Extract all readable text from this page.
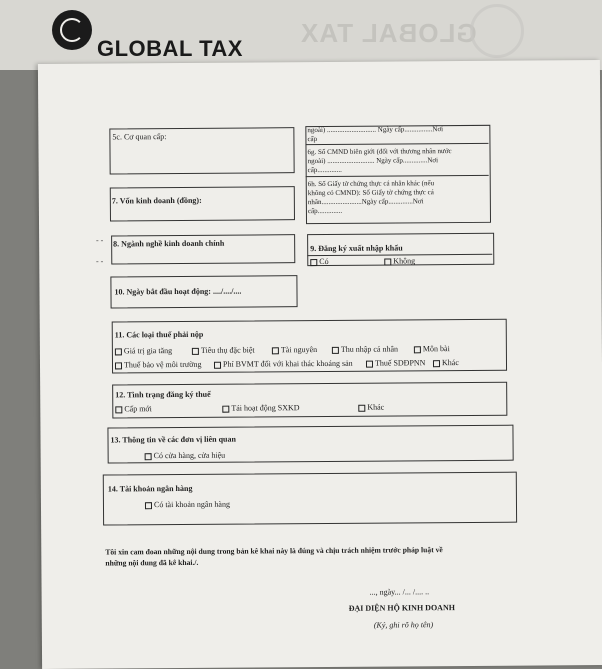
GLOBAL TAX
GLOBAL TAX
5c. Cơ quan cấp:
ngoài) ............................ Ngày cấp................Nơi
cấp
6g. Số CMND biên giới (đối với thương nhân nước
ngoài) ........................... Ngày cấp..............Nơi
cấp..............
6h. Số Giấy tờ chứng thực cá nhân khác (nếu
không có CMND): Số Giấy tờ chứng thực cá
nhân.......................Ngày cấp..............Nơi
cấp..............
7. Vốn kinh doanh (đồng):
8. Ngành nghề kinh doanh chính	9. Đăng ký xuất nhập khẩu
Có	Không
10. Ngày bắt đầu hoạt động: ..../..../....
11. Các loại thuế phải nộp
Giá trị gia tăng	Tiêu thụ đặc biệt	Tài nguyên	Thu nhập cá nhân	Môn bài
Thuế bảo vệ môi trường	Phí BVMT đối với khai thác khoáng sản	Thuế SDĐPNN	Khác
12. Tình trạng đăng ký thuế
Cấp mới	Tái hoạt động SXKD	Khác
13. Thông tin về các đơn vị liên quan
Có cửa hàng, cửa hiệu
14. Tài khoản ngân hàng
Có tài khoản ngân hàng
Tôi xin cam đoan những nội dung trong bản kê khai này là đúng và chịu trách nhiệm trước pháp luật về
những nội dung đã kê khai./.
..., ngày... /... /.... ..
ĐẠI DIỆN HỘ KINH DOANH
(Ký, ghi rõ họ tên)
- -
- -
